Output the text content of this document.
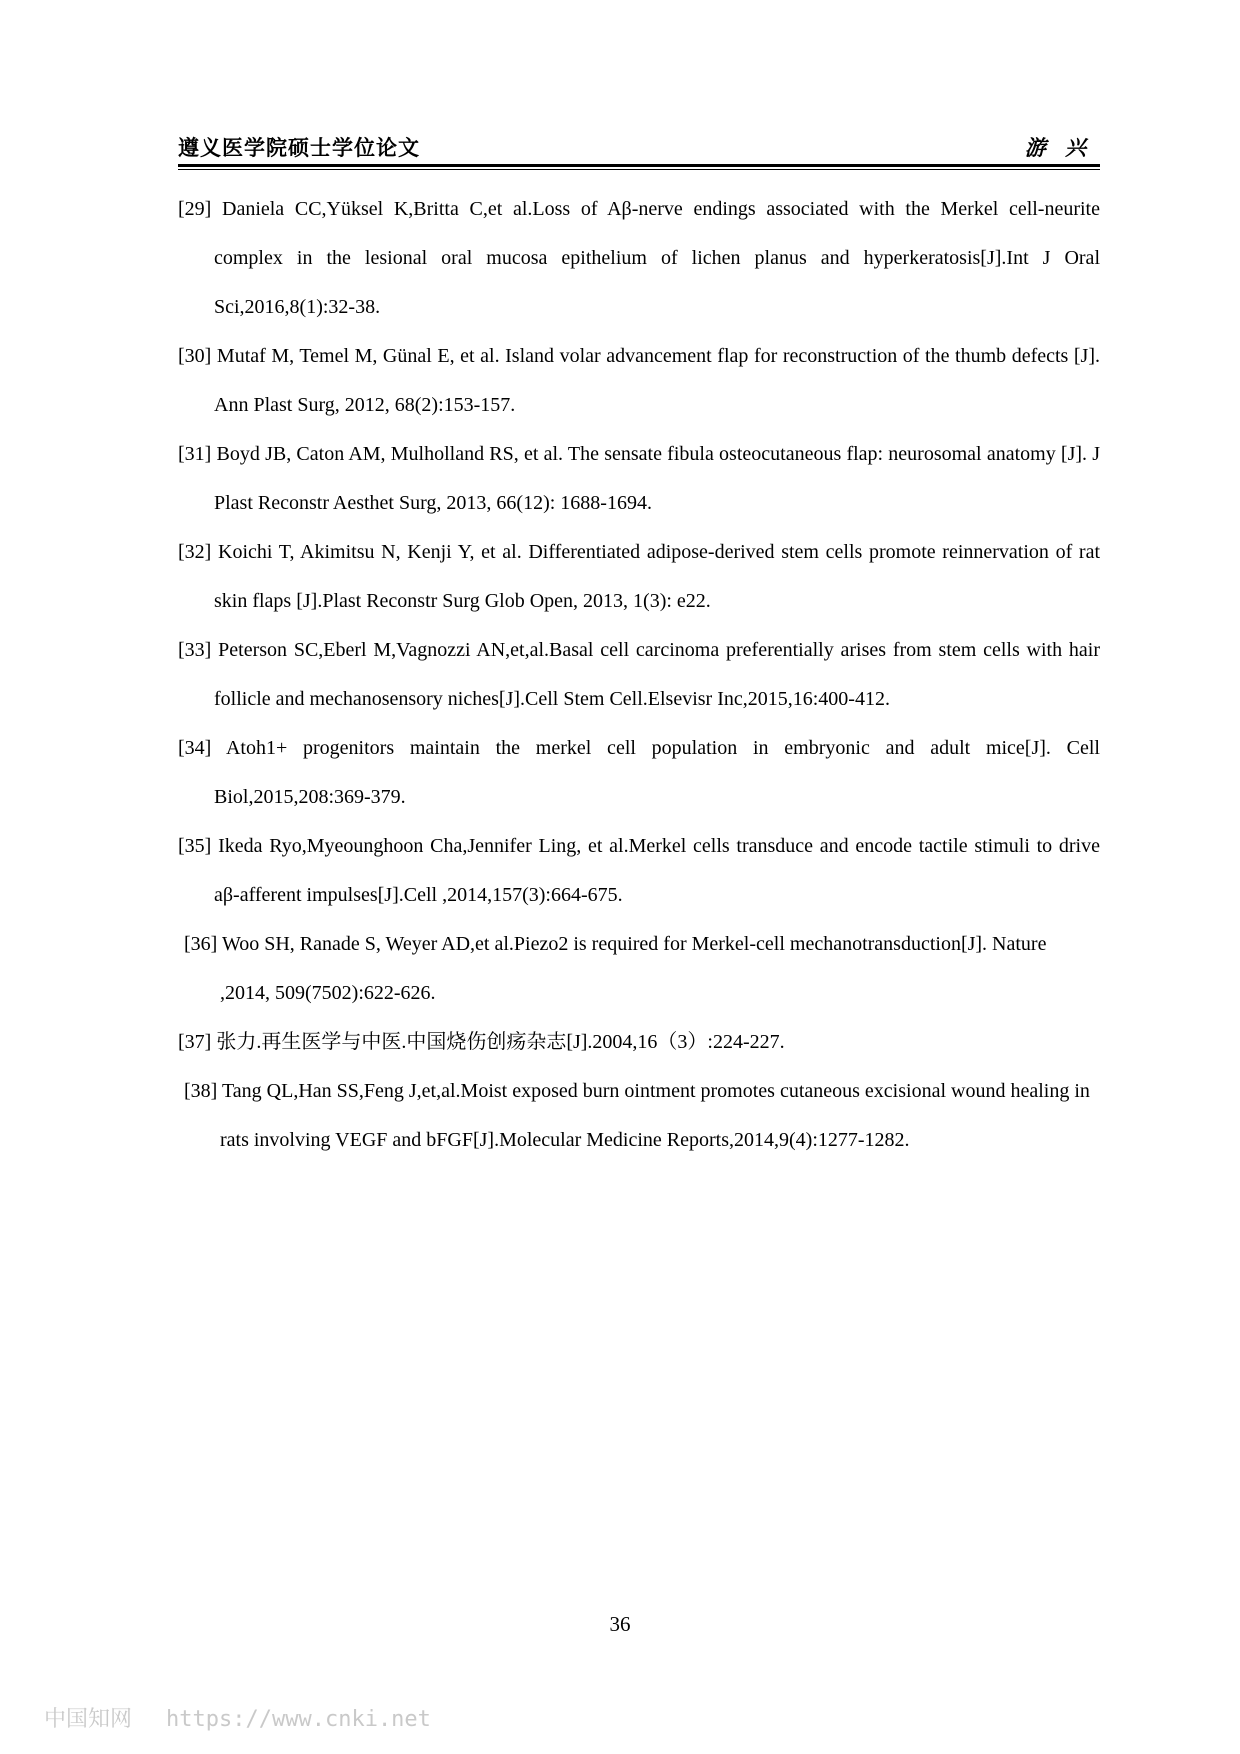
遵义医学院硕士学位论文	游 兴
[29] Daniela CC,Yüksel K,Britta C,et al.Loss of Aβ-nerve endings associated with the Merkel cell-neurite complex in the lesional oral mucosa epithelium of lichen planus and hyperkeratosis[J].Int J Oral Sci,2016,8(1):32-38.
[30] Mutaf M, Temel M, Günal E, et al. Island volar advancement flap for reconstruction of the thumb defects [J]. Ann Plast Surg, 2012, 68(2):153-157.
[31] Boyd JB, Caton AM, Mulholland RS, et al. The sensate fibula osteocutaneous flap: neurosomal anatomy [J]. J Plast Reconstr Aesthet Surg, 2013, 66(12): 1688-1694.
[32] Koichi T, Akimitsu N, Kenji Y, et al. Differentiated adipose-derived stem cells promote reinnervation of rat skin flaps [J].Plast Reconstr Surg Glob Open, 2013, 1(3): e22.
[33] Peterson SC,Eberl M,Vagnozzi AN,et,al.Basal cell carcinoma preferentially arises from stem cells with hair follicle and mechanosensory niches[J].Cell Stem Cell.Elsevisr Inc,2015,16:400-412.
[34] Atoh1+ progenitors maintain the merkel cell population in embryonic and adult mice[J]. Cell Biol,2015,208:369-379.
[35] Ikeda Ryo,Myeounghoon Cha,Jennifer Ling, et al.Merkel cells transduce and encode tactile stimuli to drive aβ-afferent impulses[J].Cell ,2014,157(3):664-675.
[36] Woo SH, Ranade S, Weyer AD,et al.Piezo2 is required for Merkel-cell mechanotransduction[J]. Nature ,2014, 509(7502):622-626.
[37] 张力.再生医学与中医.中国烧伤创疡杂志[J].2004,16（3）:224-227.
[38] Tang QL,Han SS,Feng J,et,al.Moist exposed burn ointment promotes cutaneous excisional wound healing in rats involving VEGF and bFGF[J].Molecular Medicine Reports,2014,9(4):1277-1282.
36
中国知网 https://www.cnki.net
